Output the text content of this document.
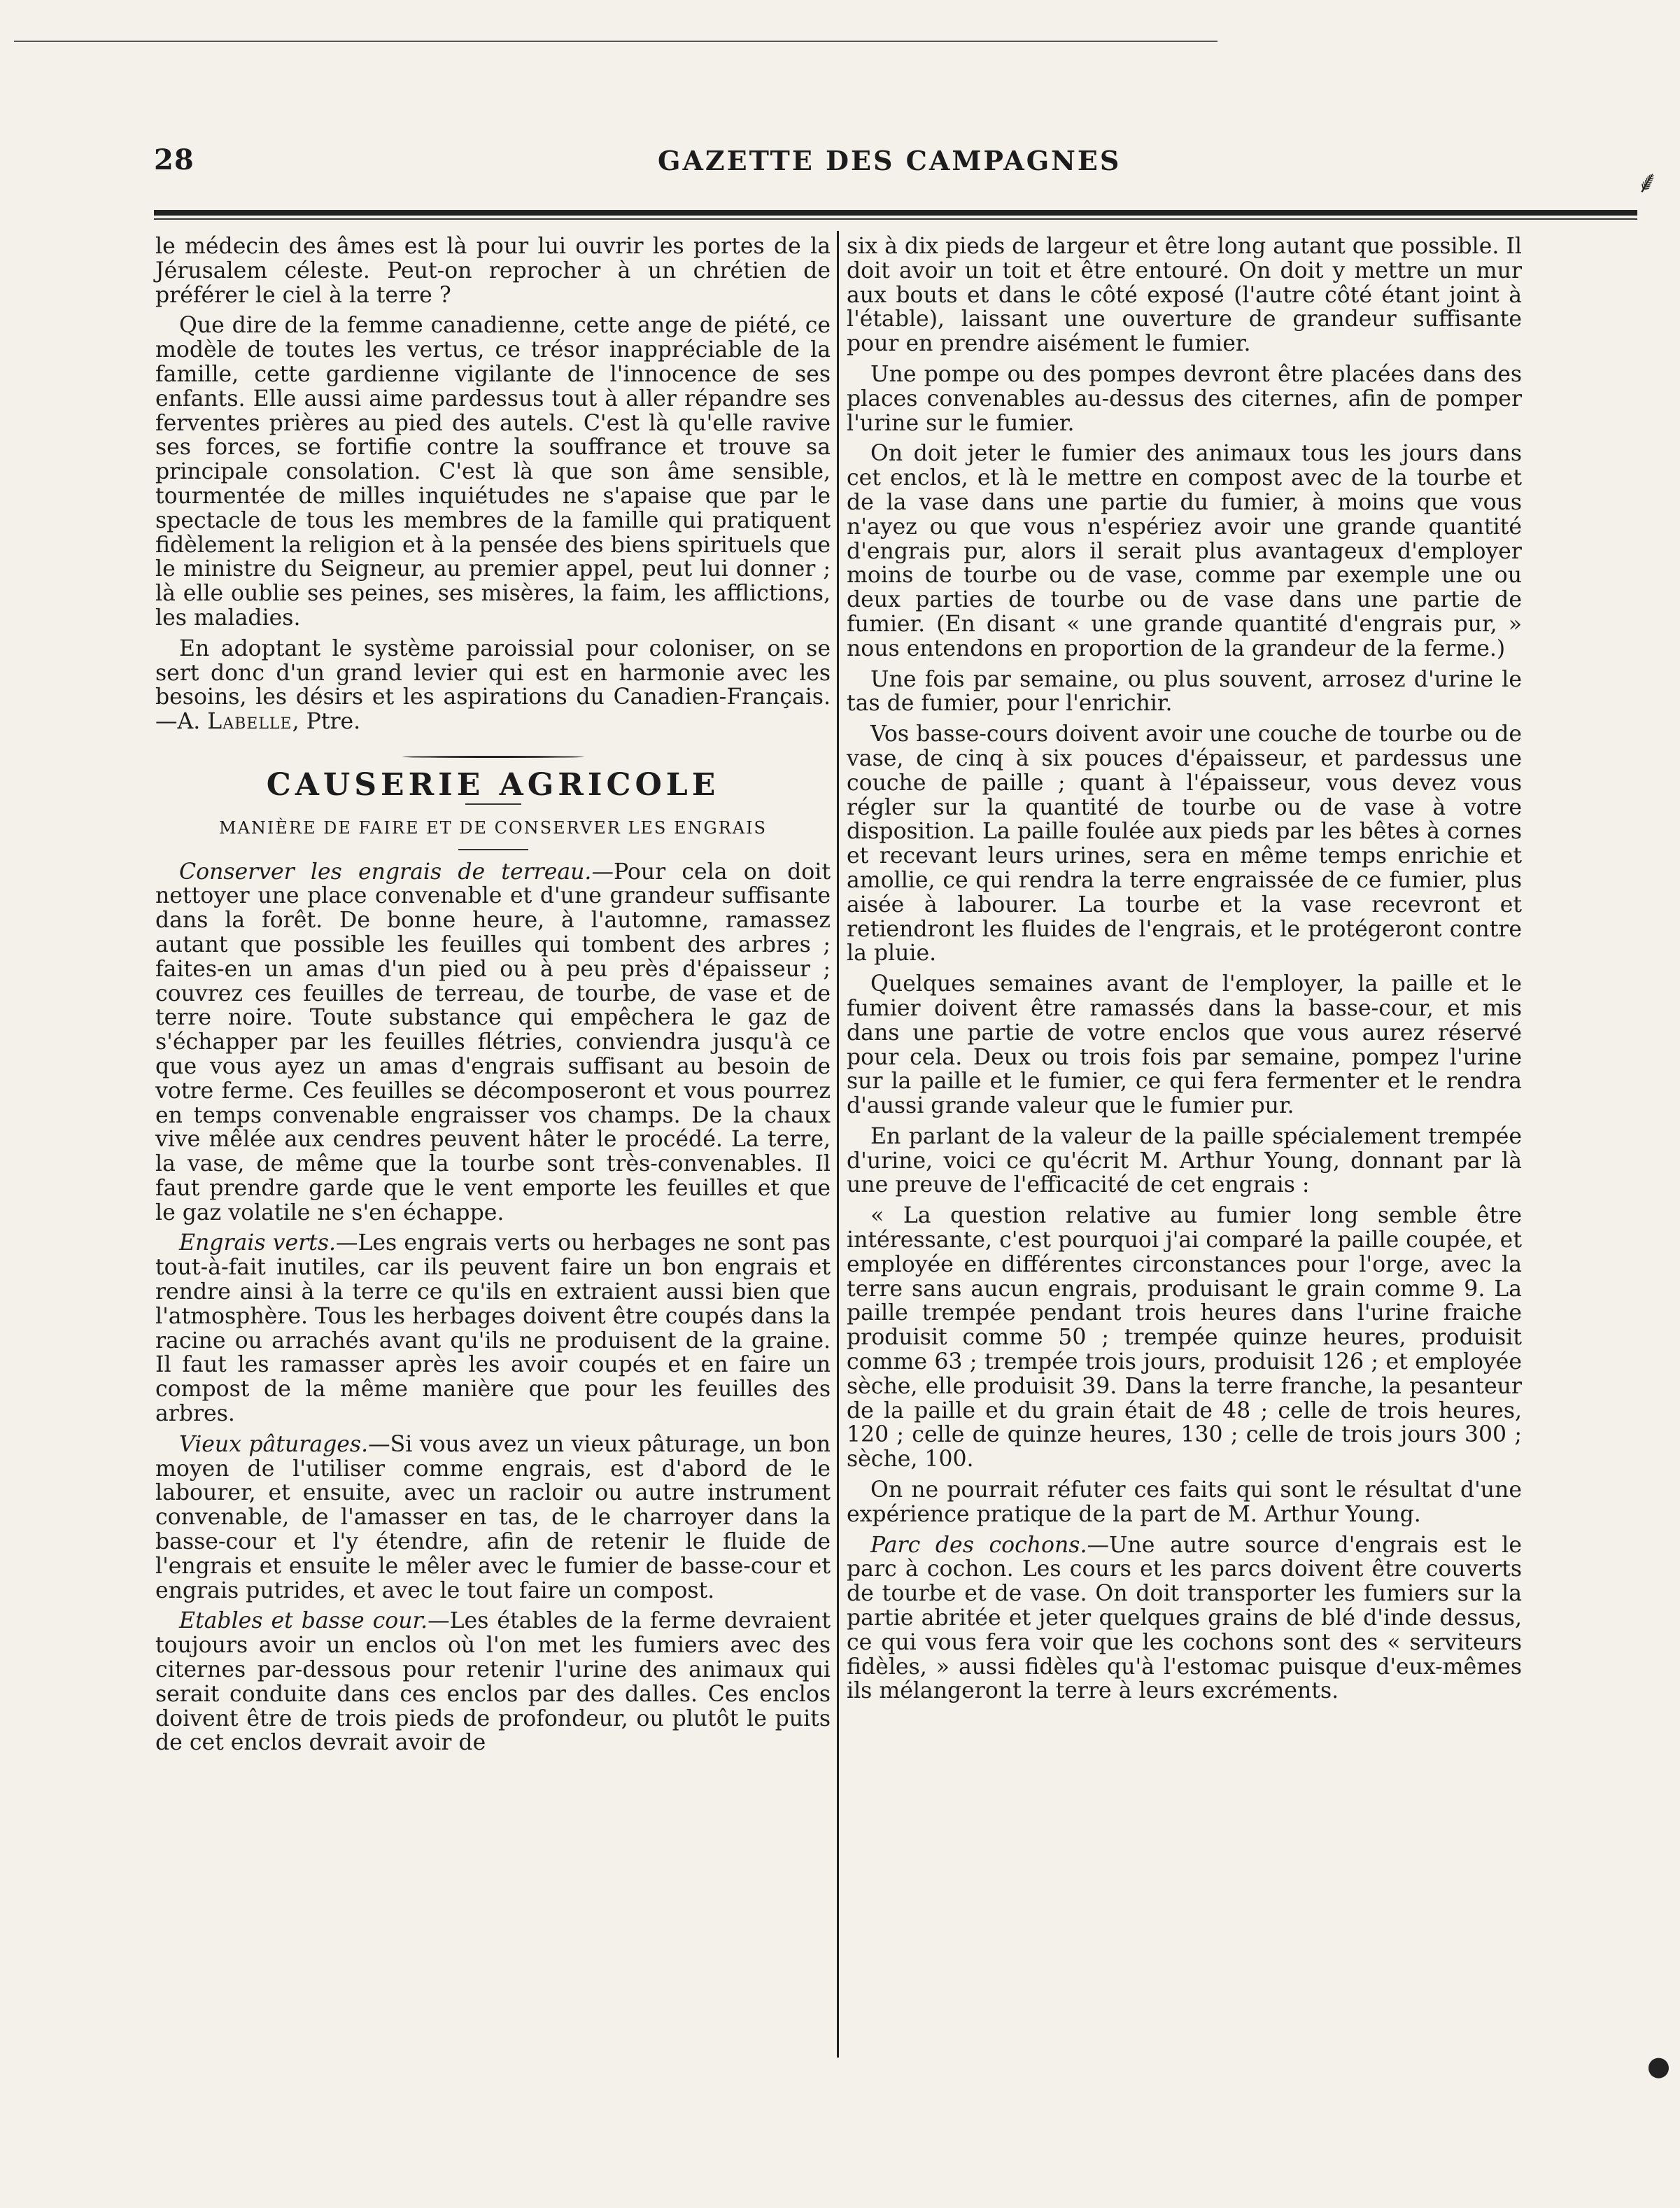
28	GAZETTE DES CAMPAGNES
⸙

le médecin des âmes est là pour lui ouvrir les portes de la Jérusalem céleste. Peut-on reprocher à un chrétien de préférer le ciel à la terre ?

Que dire de la femme canadienne, cette ange de piété, ce modèle de toutes les vertus, ce trésor inappréciable de la famille, cette gardienne vigilante de l'innocence de ses enfants. Elle aussi aime pardessus tout à aller répandre ses ferventes prières au pied des autels. C'est là qu'elle ravive ses forces, se fortifie contre la souffrance et trouve sa principale consolation. C'est là que son âme sensible, tourmentée de milles inquiétudes ne s'apaise que par le spectacle de tous les membres de la famille qui pratiquent fidèlement la religion et à la pensée des biens spirituels que le ministre du Seigneur, au premier appel, peut lui donner ; là elle oublie ses peines, ses misères, la faim, les afflictions, les maladies.

En adoptant le système paroissial pour coloniser, on se sert donc d'un grand levier qui est en harmonie avec les besoins, les désirs et les aspirations du Canadien-Français.—A. Labelle, Ptre.

CAUSERIE AGRICOLE
MANIÈRE DE FAIRE ET DE CONSERVER LES ENGRAIS

Conserver les engrais de terreau.—Pour cela on doit nettoyer une place convenable et d'une grandeur suffisante dans la forêt. De bonne heure, à l'automne, ramassez autant que possible les feuilles qui tombent des arbres ; faites-en un amas d'un pied ou à peu près d'épaisseur ; couvrez ces feuilles de terreau, de tourbe, de vase et de terre noire. Toute substance qui empêchera le gaz de s'échapper par les feuilles flétries, conviendra jusqu'à ce que vous ayez un amas d'engrais suffisant au besoin de votre ferme. Ces feuilles se décomposeront et vous pourrez en temps convenable engraisser vos champs. De la chaux vive mêlée aux cendres peuvent hâter le procédé. La terre, la vase, de même que la tourbe sont très-convenables. Il faut prendre garde que le vent emporte les feuilles et que le gaz volatile ne s'en échappe.

Engrais verts.—Les engrais verts ou herbages ne sont pas tout-à-fait inutiles, car ils peuvent faire un bon engrais et rendre ainsi à la terre ce qu'ils en extraient aussi bien que l'atmosphère. Tous les herbages doivent être coupés dans la racine ou arrachés avant qu'ils ne produisent de la graine. Il faut les ramasser après les avoir coupés et en faire un compost de la même manière que pour les feuilles des arbres.

Vieux pâturages.—Si vous avez un vieux pâturage, un bon moyen de l'utiliser comme engrais, est d'abord de le labourer, et ensuite, avec un racloir ou autre instrument convenable, de l'amasser en tas, de le charroyer dans la basse-cour et l'y étendre, afin de retenir le fluide de l'engrais et ensuite le mêler avec le fumier de basse-cour et engrais putrides, et avec le tout faire un compost.

Etables et basse cour.—Les étables de la ferme devraient toujours avoir un enclos où l'on met les fumiers avec des citernes par-dessous pour retenir l'urine des animaux qui serait conduite dans ces enclos par des dalles. Ces enclos doivent être de trois pieds de profondeur, ou plutôt le puits de cet enclos devrait avoir de

six à dix pieds de largeur et être long autant que possible. Il doit avoir un toit et être entouré. On doit y mettre un mur aux bouts et dans le côté exposé (l'autre côté étant joint à l'étable), laissant une ouverture de grandeur suffisante pour en prendre aisément le fumier.

Une pompe ou des pompes devront être placées dans des places convenables au-dessus des citernes, afin de pomper l'urine sur le fumier.

On doit jeter le fumier des animaux tous les jours dans cet enclos, et là le mettre en compost avec de la tourbe et de la vase dans une partie du fumier, à moins que vous n'ayez ou que vous n'espériez avoir une grande quantité d'engrais pur, alors il serait plus avantageux d'employer moins de tourbe ou de vase, comme par exemple une ou deux parties de tourbe ou de vase dans une partie de fumier. (En disant « une grande quantité d'engrais pur, » nous entendons en proportion de la grandeur de la ferme.)

Une fois par semaine, ou plus souvent, arrosez d'urine le tas de fumier, pour l'enrichir.

Vos basse-cours doivent avoir une couche de tourbe ou de vase, de cinq à six pouces d'épaisseur, et pardessus une couche de paille ; quant à l'épaisseur, vous devez vous régler sur la quantité de tourbe ou de vase à votre disposition. La paille foulée aux pieds par les bêtes à cornes et recevant leurs urines, sera en même temps enrichie et amollie, ce qui rendra la terre engraissée de ce fumier, plus aisée à labourer. La tourbe et la vase recevront et retiendront les fluides de l'engrais, et le protégeront contre la pluie.

Quelques semaines avant de l'employer, la paille et le fumier doivent être ramassés dans la basse-cour, et mis dans une partie de votre enclos que vous aurez réservé pour cela. Deux ou trois fois par semaine, pompez l'urine sur la paille et le fumier, ce qui fera fermenter et le rendra d'aussi grande valeur que le fumier pur.

En parlant de la valeur de la paille spécialement trempée d'urine, voici ce qu'écrit M. Arthur Young, donnant par là une preuve de l'efficacité de cet engrais :

« La question relative au fumier long semble être intéressante, c'est pourquoi j'ai comparé la paille coupée, et employée en différentes circonstances pour l'orge, avec la terre sans aucun engrais, produisant le grain comme 9. La paille trempée pendant trois heures dans l'urine fraiche produisit comme 50 ; trempée quinze heures, produisit comme 63 ; trempée trois jours, produisit 126 ; et employée sèche, elle produisit 39. Dans la terre franche, la pesanteur de la paille et du grain était de 48 ; celle de trois heures, 120 ; celle de quinze heures, 130 ; celle de trois jours 300 ; sèche, 100.

On ne pourrait réfuter ces faits qui sont le résultat d'une expérience pratique de la part de M. Arthur Young.

Parc des cochons.—Une autre source d'engrais est le parc à cochon. Les cours et les parcs doivent être couverts de tourbe et de vase. On doit transporter les fumiers sur la partie abritée et jeter quelques grains de blé d'inde dessus, ce qui vous fera voir que les cochons sont des « serviteurs fidèles, » aussi fidèles qu'à l'estomac puisque d'eux-mêmes ils mélangeront la terre à leurs excréments.

●
